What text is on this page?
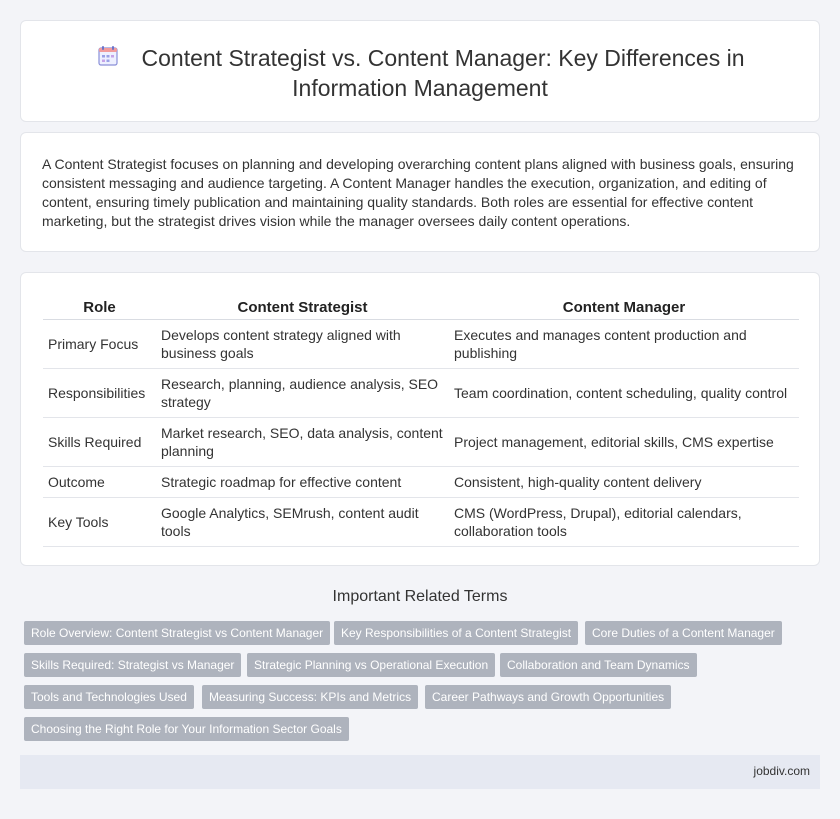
Content Strategist vs. Content Manager: Key Differences in Information Management

A Content Strategist focuses on planning and developing overarching content plans aligned with business goals, ensuring consistent messaging and audience targeting. A Content Manager handles the execution, organization, and editing of content, ensuring timely publication and maintaining quality standards. Both roles are essential for effective content marketing, but the strategist drives vision while the manager oversees daily content operations.

Role	Content Strategist	Content Manager
Primary Focus	Develops content strategy aligned with business goals	Executes and manages content production and publishing
Responsibilities	Research, planning, audience analysis, SEO strategy	Team coordination, content scheduling, quality control
Skills Required	Market research, SEO, data analysis, content planning	Project management, editorial skills, CMS expertise
Outcome	Strategic roadmap for effective content	Consistent, high-quality content delivery
Key Tools	Google Analytics, SEMrush, content audit tools	CMS (WordPress, Drupal), editorial calendars, collaboration tools
Important Related Terms
Role Overview: Content Strategist vs Content Manager	Key Responsibilities of a Content Strategist	Core Duties of a Content Manager
Skills Required: Strategist vs Manager	Strategic Planning vs Operational Execution	Collaboration and Team Dynamics
Tools and Technologies Used	Measuring Success: KPIs and Metrics	Career Pathways and Growth Opportunities
Choosing the Right Role for Your Information Sector Goals
jobdiv.com
